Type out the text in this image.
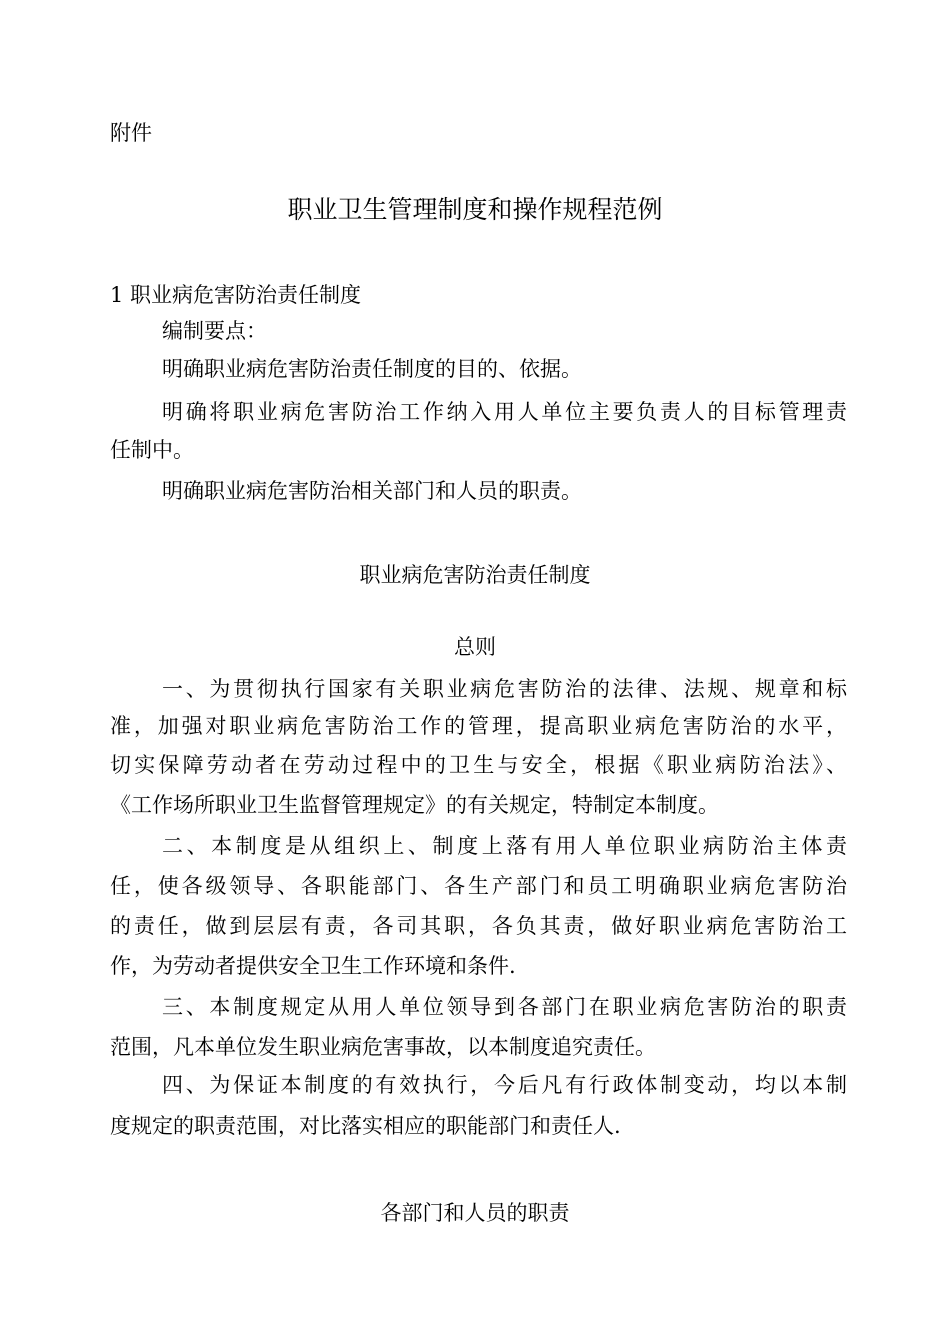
附件
职业卫生管理制度和操作规程范例
1 职业病危害防治责任制度
编制要点：
明确职业病危害防治责任制度的目的、依据。
明确将职业病危害防治工作纳入用人单位主要负责人的目标管理责
任制中。
明确职业病危害防治相关部门和人员的职责。
职业病危害防治责任制度
总则
一、为贯彻执行国家有关职业病危害防治的法律、法规、规章和标
准，加强对职业病危害防治工作的管理，提高职业病危害防治的水平，
切实保障劳动者在劳动过程中的卫生与安全，根据《职业病防治法》、
《工作场所职业卫生监督管理规定》的有关规定，特制定本制度。
二、本制度是从组织上、制度上落有用人单位职业病防治主体责
任，使各级领导、各职能部门、各生产部门和员工明确职业病危害防治
的责任，做到层层有责，各司其职，各负其责，做好职业病危害防治工
作，为劳动者提供安全卫生工作环境和条件.
三、本制度规定从用人单位领导到各部门在职业病危害防治的职责
范围，凡本单位发生职业病危害事故，以本制度追究责任。
四、为保证本制度的有效执行，今后凡有行政体制变动，均以本制
度规定的职责范围，对比落实相应的职能部门和责任人.
各部门和人员的职责
